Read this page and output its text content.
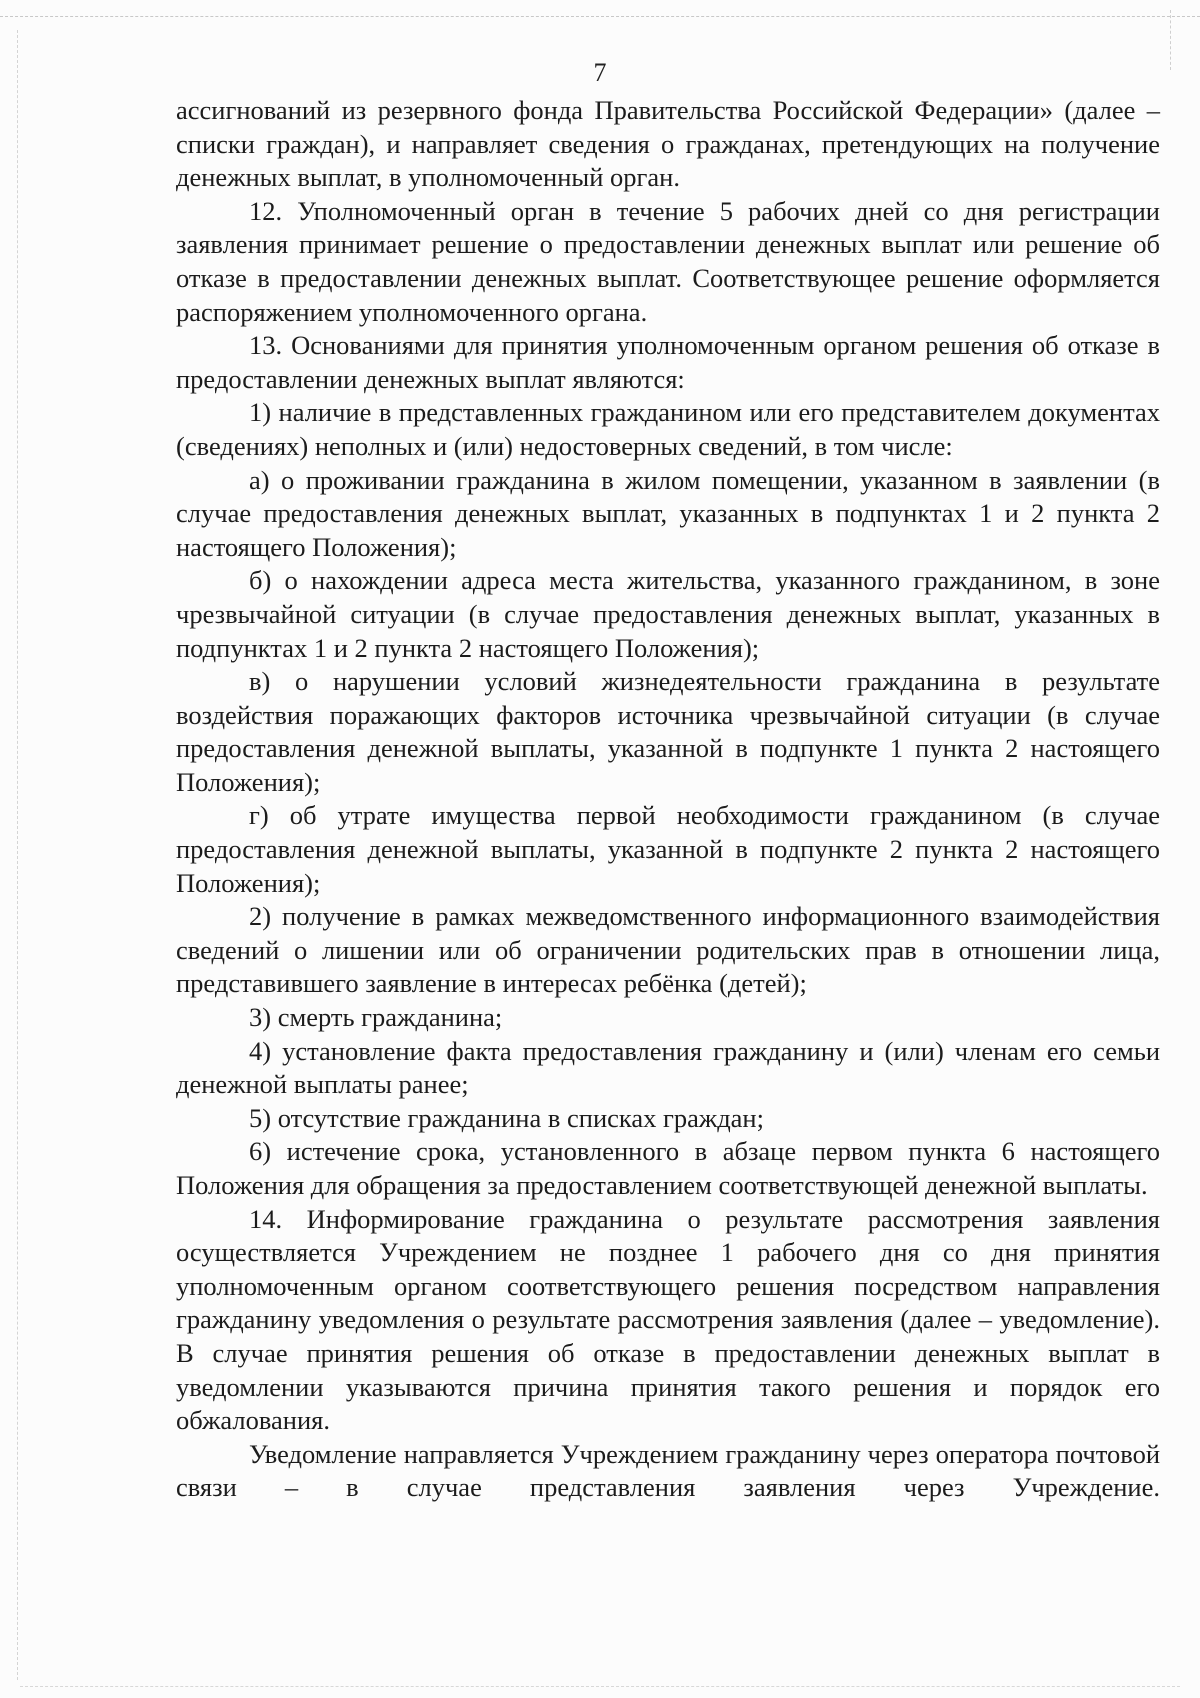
7

ассигнований из резервного фонда Правительства Российской Федерации» (далее – списки граждан), и направляет сведения о гражданах, претендующих на получение денежных выплат, в уполномоченный орган.

12. Уполномоченный орган в течение 5 рабочих дней со дня регистрации заявления принимает решение о предоставлении денежных выплат или решение об отказе в предоставлении денежных выплат. Соответствующее решение оформляется распоряжением уполномоченного органа.

13. Основаниями для принятия уполномоченным органом решения об отказе в предоставлении денежных выплат являются:

1) наличие в представленных гражданином или его представителем документах (сведениях) неполных и (или) недостоверных сведений, в том числе:

а) о проживании гражданина в жилом помещении, указанном в заявлении (в случае предоставления денежных выплат, указанных в подпунктах 1 и 2 пункта 2 настоящего Положения);

б) о нахождении адреса места жительства, указанного гражданином, в зоне чрезвычайной ситуации (в случае предоставления денежных выплат, указанных в подпунктах 1 и 2 пункта 2 настоящего Положения);

в) о нарушении условий жизнедеятельности гражданина в результате воздействия поражающих факторов источника чрезвычайной ситуации (в случае предоставления денежной выплаты, указанной в подпункте 1 пункта 2 настоящего Положения);

г) об утрате имущества первой необходимости гражданином (в случае предоставления денежной выплаты, указанной в подпункте 2 пункта 2 настоящего Положения);

2) получение в рамках межведомственного информационного взаимодействия сведений о лишении или об ограничении родительских прав в отношении лица, представившего заявление в интересах ребёнка (детей);

3) смерть гражданина;

4) установление факта предоставления гражданину и (или) членам его семьи денежной выплаты ранее;

5) отсутствие гражданина в списках граждан;

6) истечение срока, установленного в абзаце первом пункта 6 настоящего Положения для обращения за предоставлением соответствующей денежной выплаты.

14. Информирование гражданина о результате рассмотрения заявления осуществляется Учреждением не позднее 1 рабочего дня со дня принятия уполномоченным органом соответствующего решения посредством направления гражданину уведомления о результате рассмотрения заявления (далее – уведомление). В случае принятия решения об отказе в предоставлении денежных выплат в уведомлении указываются причина принятия такого решения и порядок его обжалования.

Уведомление направляется Учреждением гражданину через оператора почтовой связи – в случае представления заявления через Учреждение.
